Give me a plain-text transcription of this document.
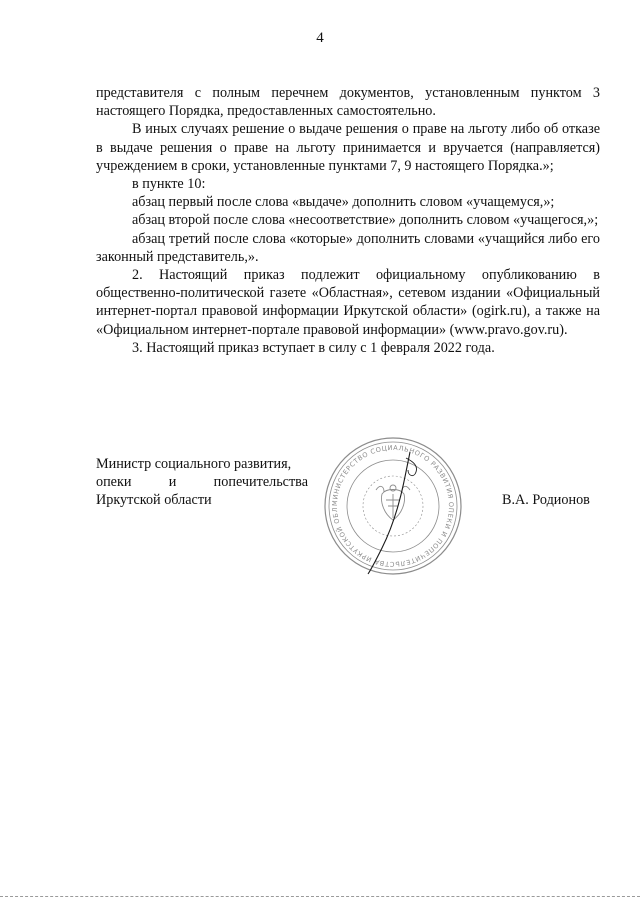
4

представителя с полным перечнем документов, установленным пунктом 3 настоящего Порядка, предоставленных самостоятельно.

В иных случаях решение о выдаче решения о праве на льготу либо об отказе в выдаче решения о праве на льготу принимается и вручается (направляется) учреждением в сроки, установленные пунктами 7, 9 настоящего Порядка.»;

в пункте 10:

абзац первый после слова «выдаче» дополнить словом «учащемуся,»;

абзац второй после слова «несоответствие» дополнить словом «учащегося,»;

абзац третий после слова «которые» дополнить словами «учащийся либо его законный представитель,».

2. Настоящий приказ подлежит официальному опубликованию в общественно-политической газете «Областная», сетевом издании «Официальный интернет-портал правовой информации Иркутской области» (ogirk.ru), а также на «Официальном интернет-портале правовой информации» (www.pravo.gov.ru).

3. Настоящий приказ вступает в силу с 1 февраля 2022 года.

Министр социального развития,
опеки и попечительства
Иркутской области	МИНИСТЕРСТВО СОЦИАЛЬНОГО РАЗВИТИЯ ОПЕКИ И ПОПЕЧИТЕЛЬСТВА ИРКУТСКОЙ ОБЛ
В.А. Родионов
